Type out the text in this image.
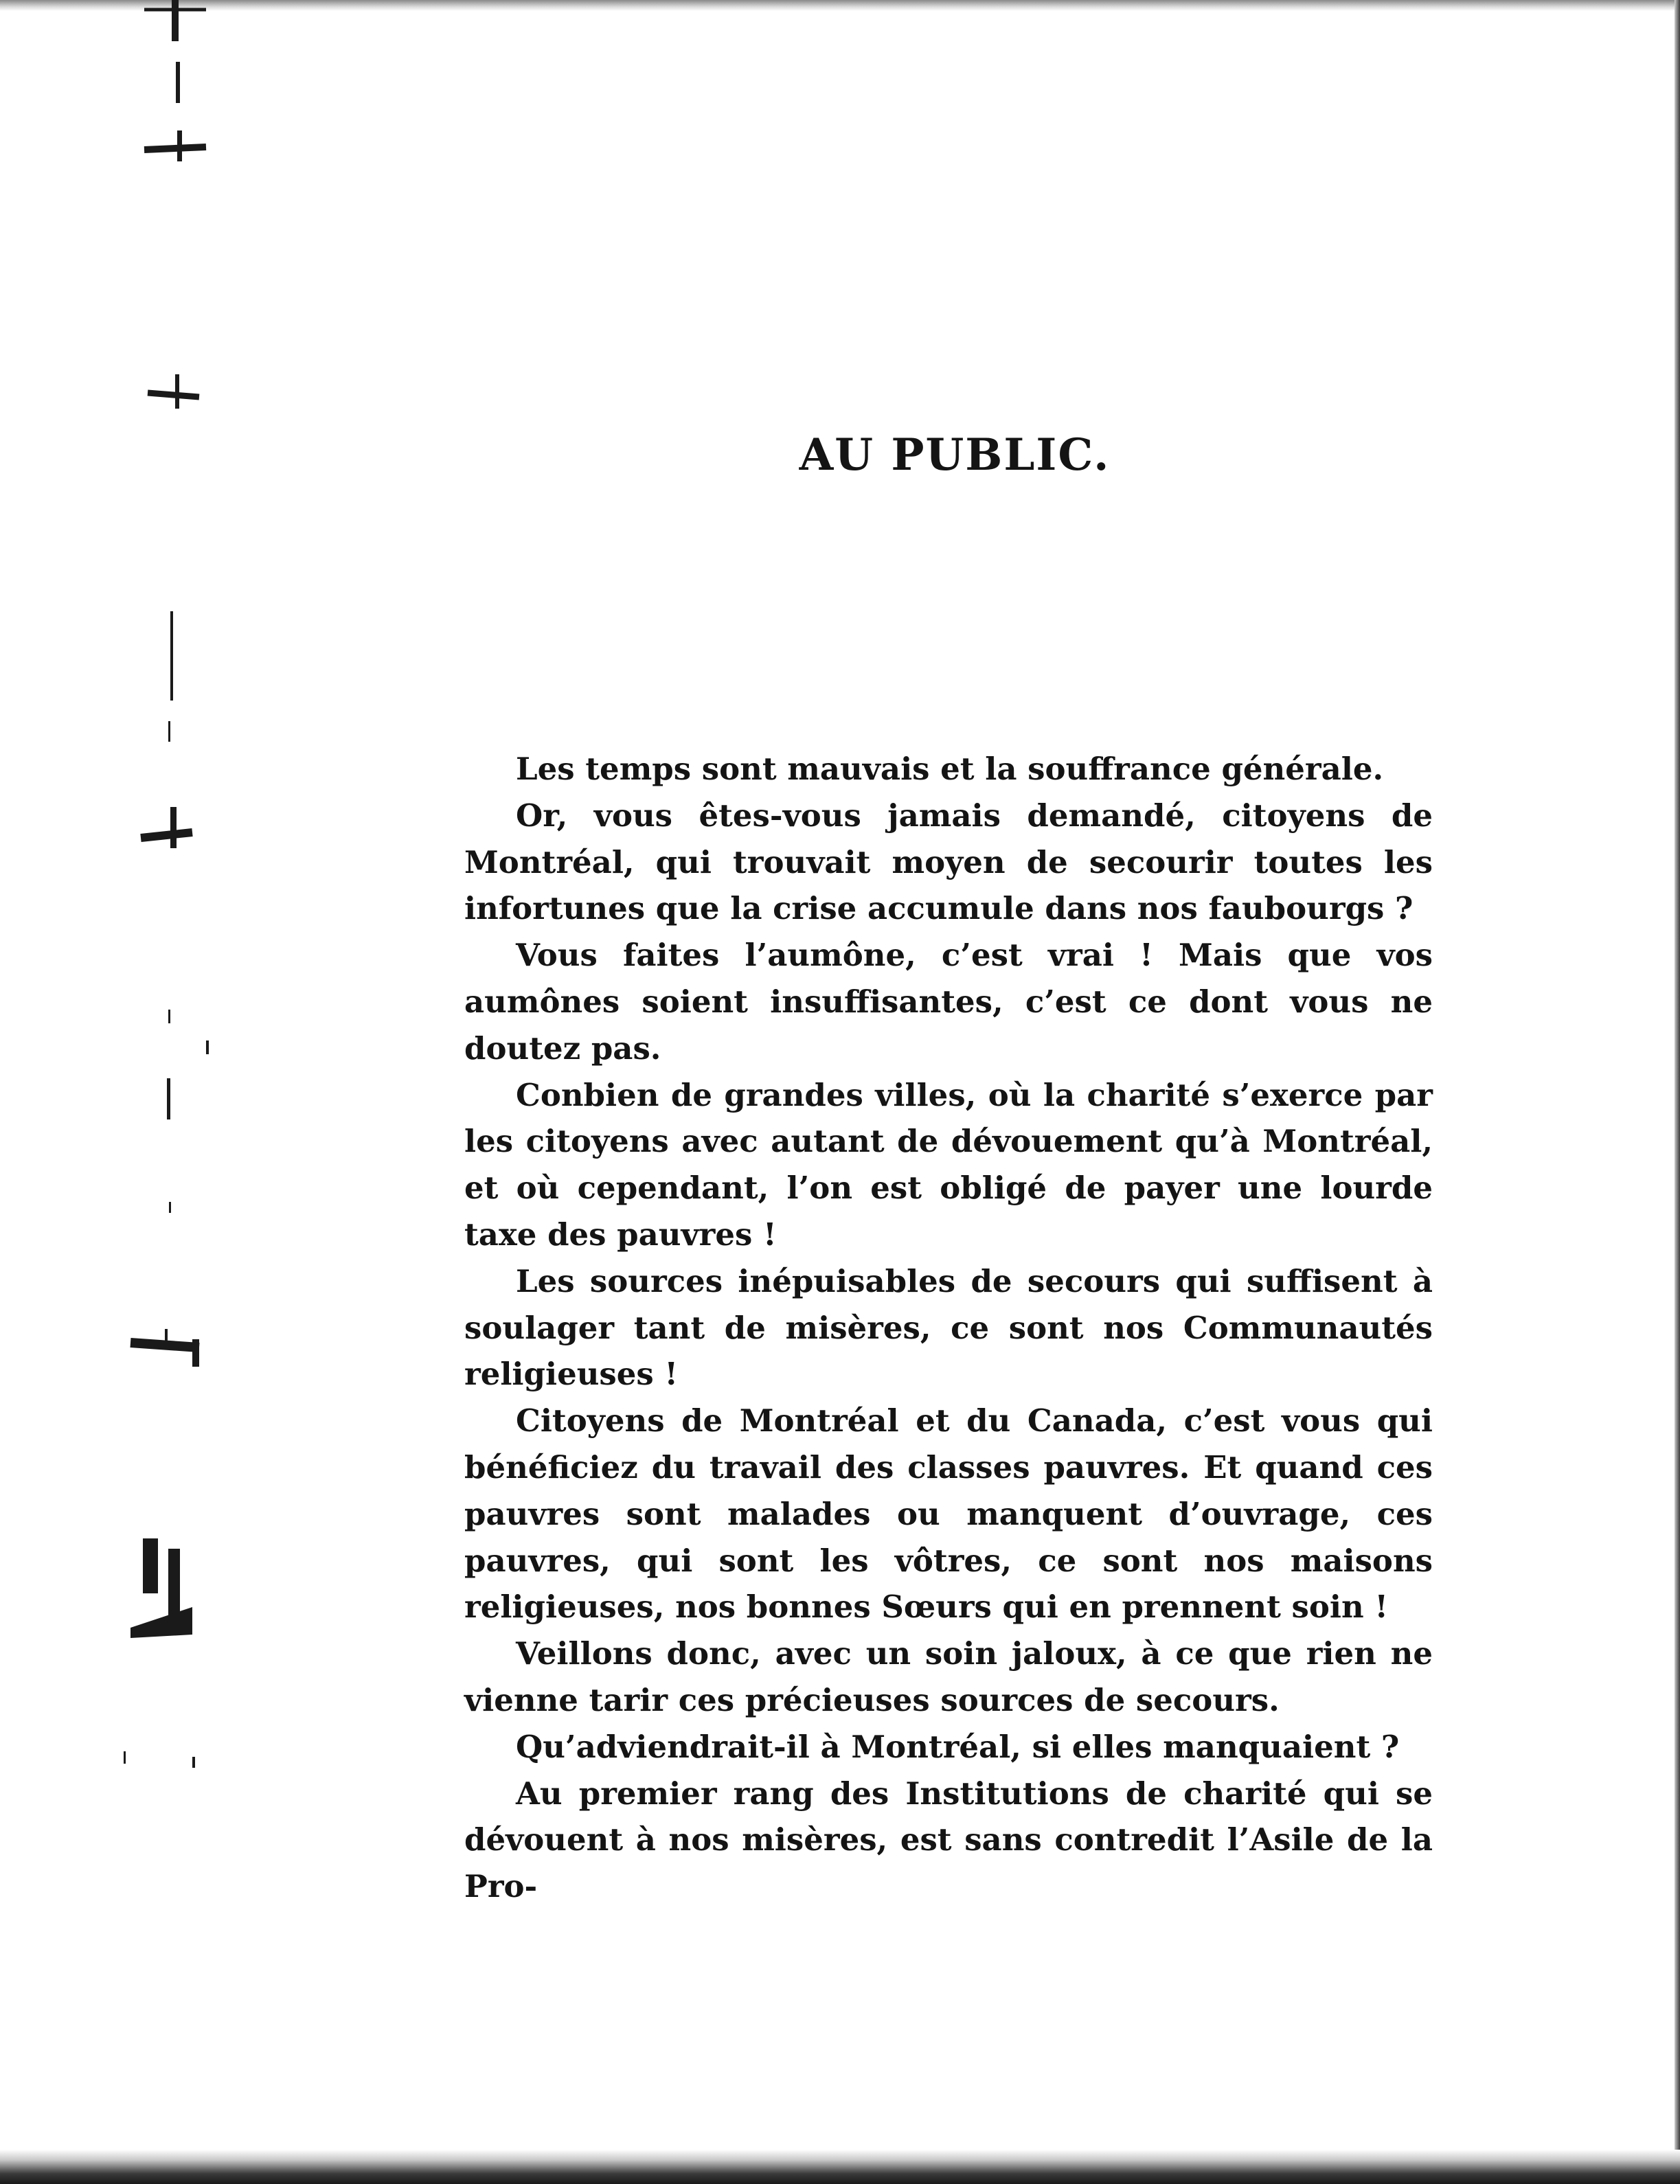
AU PUBLIC.

Les temps sont mauvais et la souffrance générale.

Or, vous êtes-vous jamais demandé, citoyens de Montréal, qui trouvait moyen de secourir toutes les infortunes que la crise accumule dans nos faubourgs ?

Vous faites l’aumône, c’est vrai ! Mais que vos aumônes soient insuffisantes, c’est ce dont vous ne doutez pas.

Conbien de grandes villes, où la charité s’exerce par les citoyens avec autant de dévouement qu’à Montréal, et où cependant, l’on est obligé de payer une lourde taxe des pauvres !

Les sources inépuisables de secours qui suffisent à soulager tant de misères, ce sont nos Communautés religieuses !

Citoyens de Montréal et du Canada, c’est vous qui bénéficiez du travail des classes pauvres. Et quand ces pauvres sont malades ou manquent d’ouvrage, ces pauvres, qui sont les vôtres, ce sont nos maisons religieuses, nos bonnes Sœurs qui en prennent soin !

Veillons donc, avec un soin jaloux, à ce que rien ne vienne tarir ces précieuses sources de secours.

Qu’adviendrait-il à Montréal, si elles manquaient ?

Au premier rang des Institutions de charité qui se dévouent à nos misères, est sans contredit l’Asile de la Pro-
